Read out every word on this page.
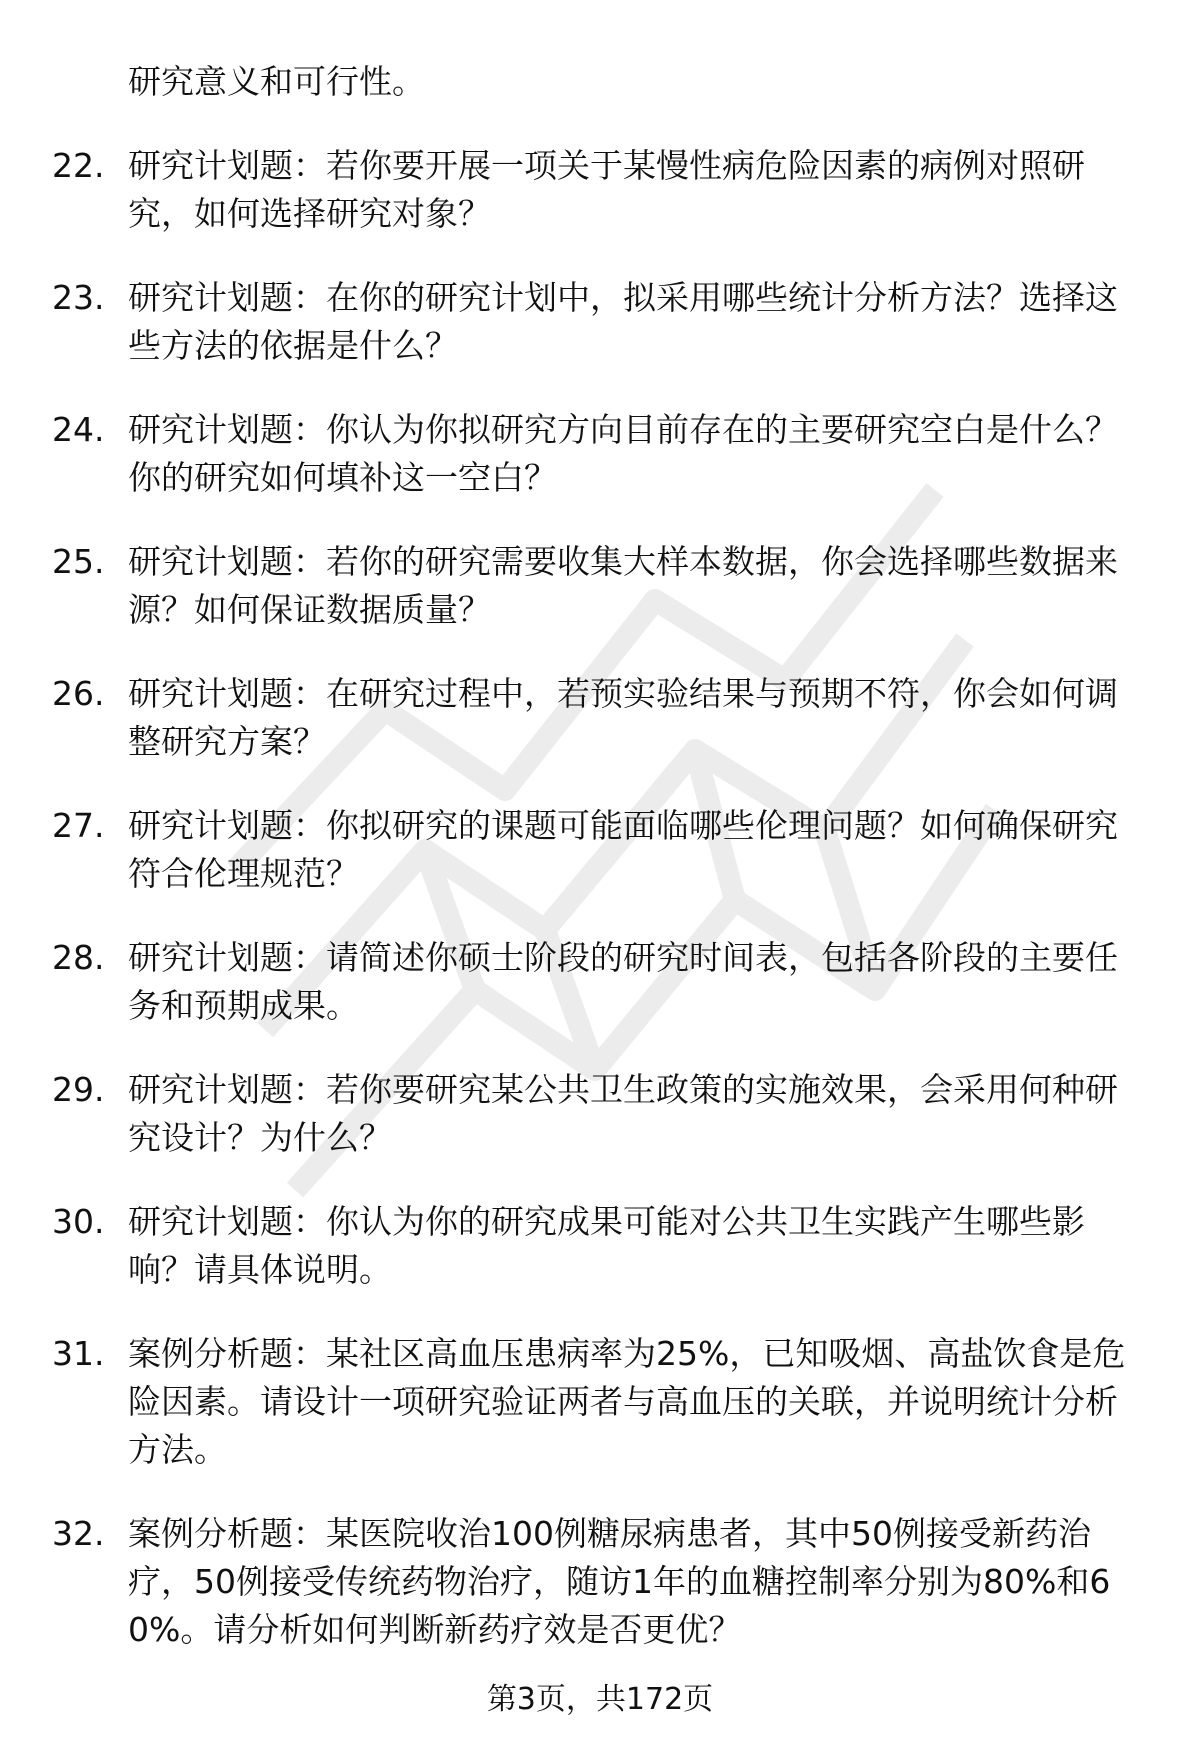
研究意义和可行性。

22. 研究计划题：若你要开展一项关于某慢性病危险因素的病例对照研究，如何选择研究对象？

23. 研究计划题：在你的研究计划中，拟采用哪些统计分析方法？选择这些方法的依据是什么？

24. 研究计划题：你认为你拟研究方向目前存在的主要研究空白是什么？你的研究如何填补这一空白？

25. 研究计划题：若你的研究需要收集大样本数据，你会选择哪些数据来源？如何保证数据质量？

26. 研究计划题：在研究过程中，若预实验结果与预期不符，你会如何调整研究方案？

27. 研究计划题：你拟研究的课题可能面临哪些伦理问题？如何确保研究符合伦理规范？

28. 研究计划题：请简述你硕士阶段的研究时间表，包括各阶段的主要任务和预期成果。

29. 研究计划题：若你要研究某公共卫生政策的实施效果，会采用何种研究设计？为什么？

30. 研究计划题：你认为你的研究成果可能对公共卫生实践产生哪些影响？请具体说明。

31. 案例分析题：某社区高血压患病率为25%，已知吸烟、高盐饮食是危险因素。请设计一项研究验证两者与高血压的关联，并说明统计分析方法。

32. 案例分析题：某医院收治100例糖尿病患者，其中50例接受新药治疗，50例接受传统药物治疗，随访1年的血糖控制率分别为80%和60%。请分析如何判断新药疗效是否更优？

第3页，共172页
